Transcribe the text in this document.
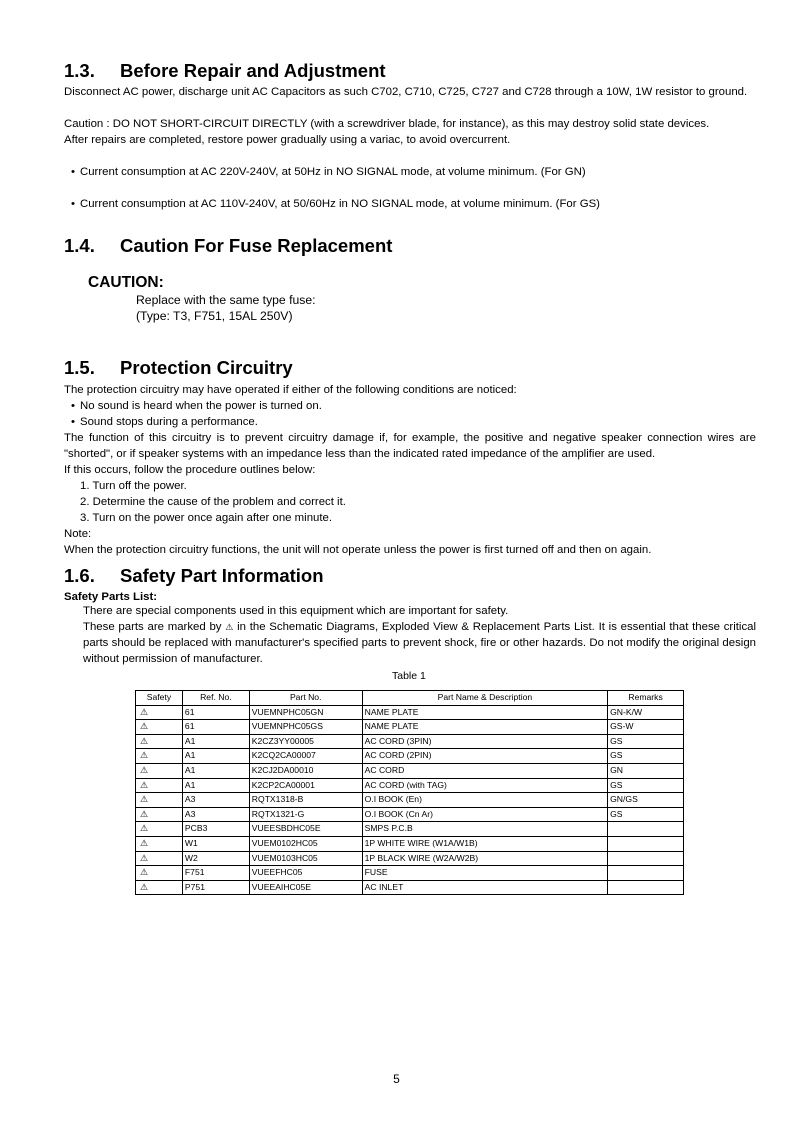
1.3. Before Repair and Adjustment
Disconnect AC power, discharge unit AC Capacitors as such C702, C710, C725, C727 and C728 through a 10W, 1W resistor to ground.
Caution : DO NOT SHORT-CIRCUIT DIRECTLY (with a screwdriver blade, for instance), as this may destroy solid state devices.
After repairs are completed, restore power gradually using a variac, to avoid overcurrent.
• Current consumption at AC 220V-240V, at 50Hz in NO SIGNAL mode, at volume minimum. (For GN)
• Current consumption at AC 110V-240V, at 50/60Hz in NO SIGNAL mode, at volume minimum. (For GS)
1.4. Caution For Fuse Replacement
CAUTION:
Replace with the same type fuse:
(Type: T3, F751, 15AL 250V)
1.5. Protection Circuitry
The protection circuitry may have operated if either of the following conditions are noticed:
• No sound is heard when the power is turned on.
• Sound stops during a performance.
The function of this circuitry is to prevent circuitry damage if, for example, the positive and negative speaker connection wires are "shorted", or if speaker systems with an impedance less than the indicated rated impedance of the amplifier are used.
If this occurs, follow the procedure outlines below:
1. Turn off the power.
2. Determine the cause of the problem and correct it.
3. Turn on the power once again after one minute.
Note:
When the protection circuitry functions, the unit will not operate unless the power is first turned off and then on again.
1.6. Safety Part Information
Safety Parts List:
There are special components used in this equipment which are important for safety.
These parts are marked by ⚠ in the Schematic Diagrams, Exploded View & Replacement Parts List. It is essential that these critical parts should be replaced with manufacturer's specified parts to prevent shock, fire or other hazards. Do not modify the original design without permission of manufacturer.
Table 1
Safety	Ref. No.	Part No.	Part Name & Description	Remarks
⚠	61	VUEMNPHC05GN	NAME PLATE	GN-K/W
⚠	61	VUEMNPHC05GS	NAME PLATE	GS-W
⚠	A1	K2CZ3YY00005	AC CORD (3PIN)	GS
⚠	A1	K2CQ2CA00007	AC CORD (2PIN)	GS
⚠	A1	K2CJ2DA00010	AC CORD	GN
⚠	A1	K2CP2CA00001	AC CORD (with TAG)	GS
⚠	A3	RQTX1318-B	O.I BOOK (En)	GN/GS
⚠	A3	RQTX1321-G	O.I BOOK (Cn Ar)	GS
⚠	PCB3	VUEESBDHC05E	SMPS P.C.B	
⚠	W1	VUEM0102HC05	1P WHITE WIRE (W1A/W1B)	
⚠	W2	VUEM0103HC05	1P BLACK WIRE (W2A/W2B)	
⚠	F751	VUEEFHC05	FUSE	
⚠	P751	VUEEAIHC05E	AC INLET	
5
